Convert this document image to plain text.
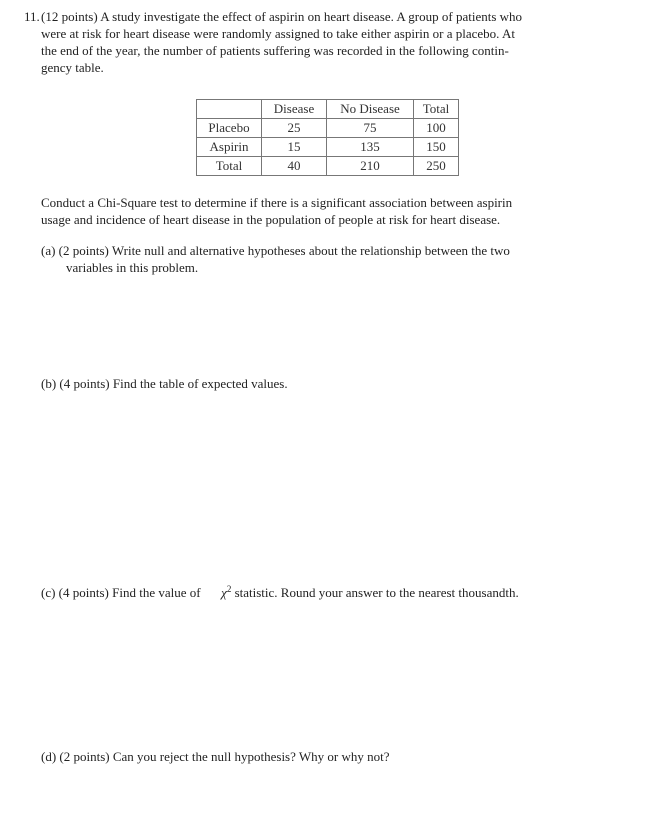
11. (12 points) A study investigate the effect of aspirin on heart disease. A group of patients who
were at risk for heart disease were randomly assigned to take either aspirin or a placebo. At
the end of the year, the number of patients suffering was recorded in the following contin-
gency table.
	Disease	No Disease	Total
Placebo	25	75	100
Aspirin	15	135	150
Total	40	210	250
Conduct a Chi-Square test to determine if there is a significant association between aspirin
usage and incidence of heart disease in the population of people at risk for heart disease.
(a) (2 points) Write null and alternative hypotheses about the relationship between the two
variables in this problem.
(b) (4 points) Find the table of expected values.
(c) (4 points) Find the value of $\chi^2$ statistic. Round your answer to the nearest thousandth.
(d) (2 points) Can you reject the null hypothesis? Why or why not?
